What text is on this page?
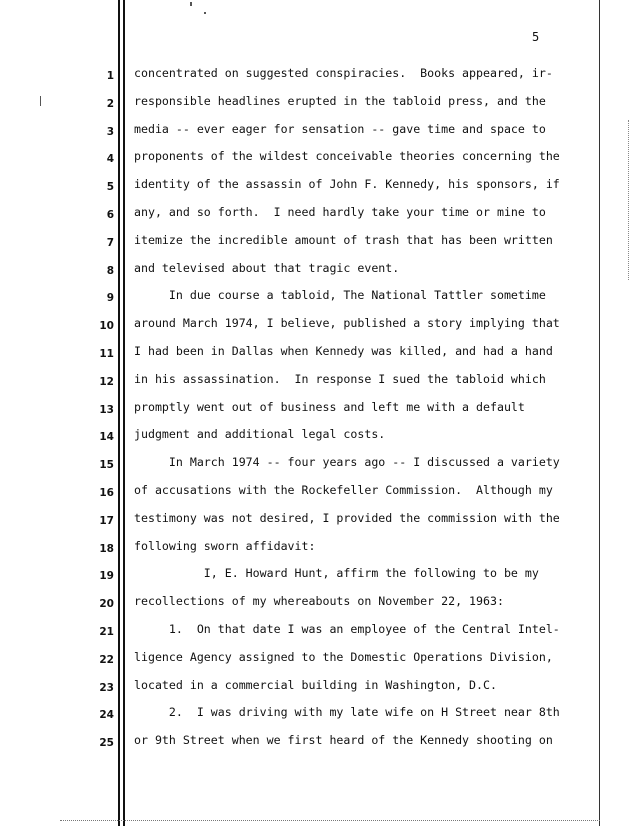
5
1
2
3
4
5
6
7
8
9
10
11
12
13
14
15
16
17
18
19
20
21
22
23
24
25
concentrated on suggested conspiracies.  Books appeared, ir-
responsible headlines erupted in the tabloid press, and the
media -- ever eager for sensation -- gave time and space to
proponents of the wildest conceivable theories concerning the
identity of the assassin of John F. Kennedy, his sponsors, if
any, and so forth.  I need hardly take your time or mine to
itemize the incredible amount of trash that has been written
and televised about that tragic event.
In due course a tabloid, The National Tattler sometime
around March 1974, I believe, published a story implying that
I had been in Dallas when Kennedy was killed, and had a hand
in his assassination.  In response I sued the tabloid which
promptly went out of business and left me with a default
judgment and additional legal costs.
In March 1974 -- four years ago -- I discussed a variety
of accusations with the Rockefeller Commission.  Although my
testimony was not desired, I provided the commission with the
following sworn affidavit:
I, E. Howard Hunt, affirm the following to be my
recollections of my whereabouts on November 22, 1963:
1.  On that date I was an employee of the Central Intel-
ligence Agency assigned to the Domestic Operations Division,
located in a commercial building in Washington, D.C.
2.  I was driving with my late wife on H Street near 8th
or 9th Street when we first heard of the Kennedy shooting on
